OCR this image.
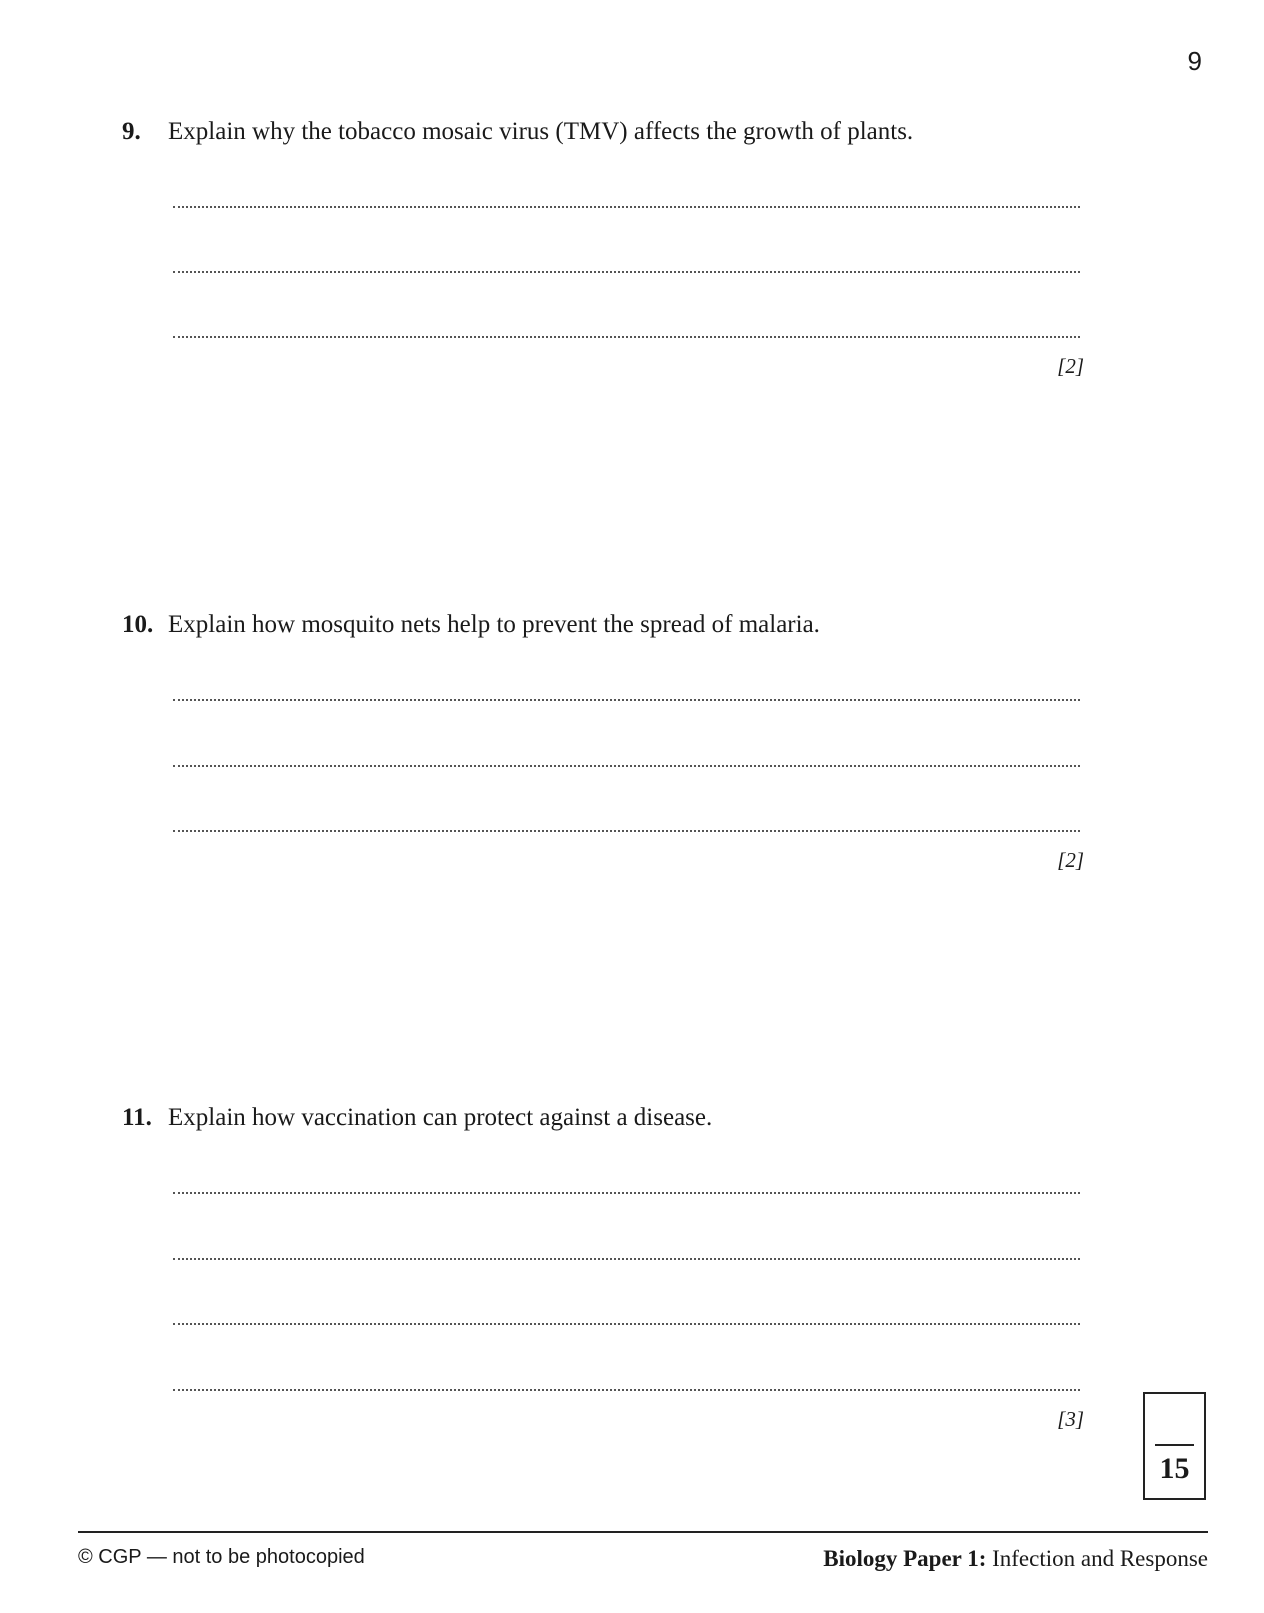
9
9. Explain why the tobacco mosaic virus (TMV) affects the growth of plants.
[2]
10. Explain how mosquito nets help to prevent the spread of malaria.
[2]
11. Explain how vaccination can protect against a disease.
[3]
15
© CGP — not to be photocopied	Biology Paper 1: Infection and Response
